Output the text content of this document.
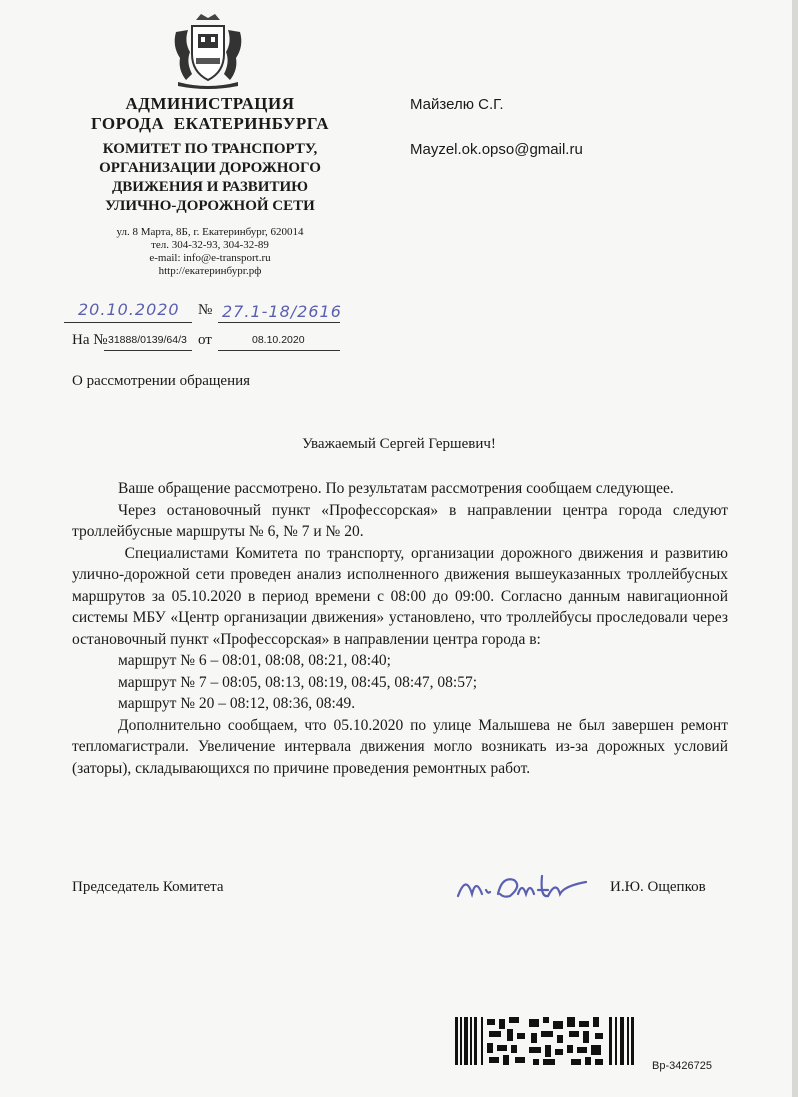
АДМИНИСТРАЦИЯ
ГОРОДА  ЕКАТЕРИНБУРГА
КОМИТЕТ ПО ТРАНСПОРТУ,
ОРГАНИЗАЦИИ ДОРОЖНОГО
ДВИЖЕНИЯ И РАЗВИТИЮ
УЛИЧНО-ДОРОЖНОЙ СЕТИ
ул. 8 Марта, 8Б, г. Екатеринбург, 620014
тел. 304-32-93, 304-32-89
e-mail: info@e-transport.ru
http://екатеринбург.рф
Майзелю С.Г.
Mayzel.ok.opso@gmail.ru
20.10.2020 № 27.1-18/2616
На № 31888/0139/64/3 от	08.10.2020
О рассмотрении обращения
Уважаемый Сергей Гершевич!

Ваше обращение рассмотрено. По результатам рассмотрения сообщаем следующее.

Через остановочный пункт «Профессорская» в направлении центра города следуют троллейбусные маршруты № 6, № 7 и № 20.

Специалистами Комитета по транспорту, организации дорожного движения и развитию улично-дорожной сети проведен анализ исполненного движения вышеуказанных троллейбусных маршрутов за 05.10.2020 в период времени с 08:00 до 09:00. Согласно данным навигационной системы МБУ «Центр организации движения» установлено, что троллейбусы проследовали через остановочный пункт «Профессорская» в направлении центра города в:

маршрут № 6 – 08:01, 08:08, 08:21, 08:40;

маршрут № 7 – 08:05, 08:13, 08:19, 08:45, 08:47, 08:57;

маршрут № 20 – 08:12, 08:36, 08:49.

Дополнительно сообщаем, что 05.10.2020 по улице Малышева не был завершен ремонт тепломагистрали. Увеличение интервала движения могло возникать из-за дорожных условий (заторы), складывающихся по причине проведения ремонтных работ.

Председатель Комитета	И.Ю. Ощепков
Вр-3426725
